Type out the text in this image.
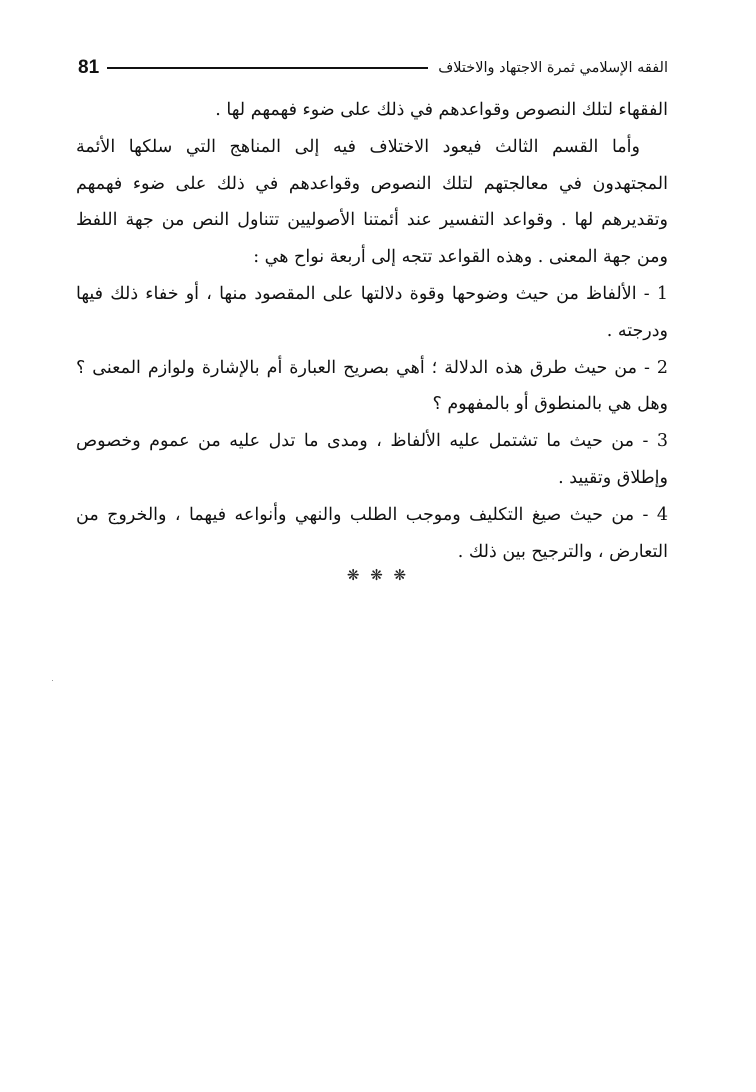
81	الفقه الإسلامي ثمرة الاجتهاد والاختلاف

الفقهاء لتلك النصوص وقواعدهم في ذلك على ضوء فهمهم لها .

وأما القسم الثالث فيعود الاختلاف فيه إلى المناهج التي سلكها الأئمة المجتهدون في معالجتهم لتلك النصوص وقواعدهم في ذلك على ضوء فهمهم وتقديرهم لها . وقواعد التفسير عند أئمتنا الأصوليين تتناول النص من جهة اللفظ ومن جهة المعنى . وهذه القواعد تتجه إلى أربعة نواح هي :

1 - الألفاظ من حيث وضوحها وقوة دلالتها على المقصود منها ، أو خفاء ذلك فيها ودرجته .

2 - من حيث طرق هذه الدلالة ؛ أهي بصريح العبارة أم بالإشارة ولوازم المعنى ؟ وهل هي بالمنطوق أو بالمفهوم ؟

3 - من حيث ما تشتمل عليه الألفاظ ، ومدى ما تدل عليه من عموم وخصوص وإطلاق وتقييد .

4 - من حيث صيغ التكليف وموجب الطلب والنهي وأنواعه فيهما ، والخروج من التعارض ، والترجيح بين ذلك .

❋ ❋ ❋
